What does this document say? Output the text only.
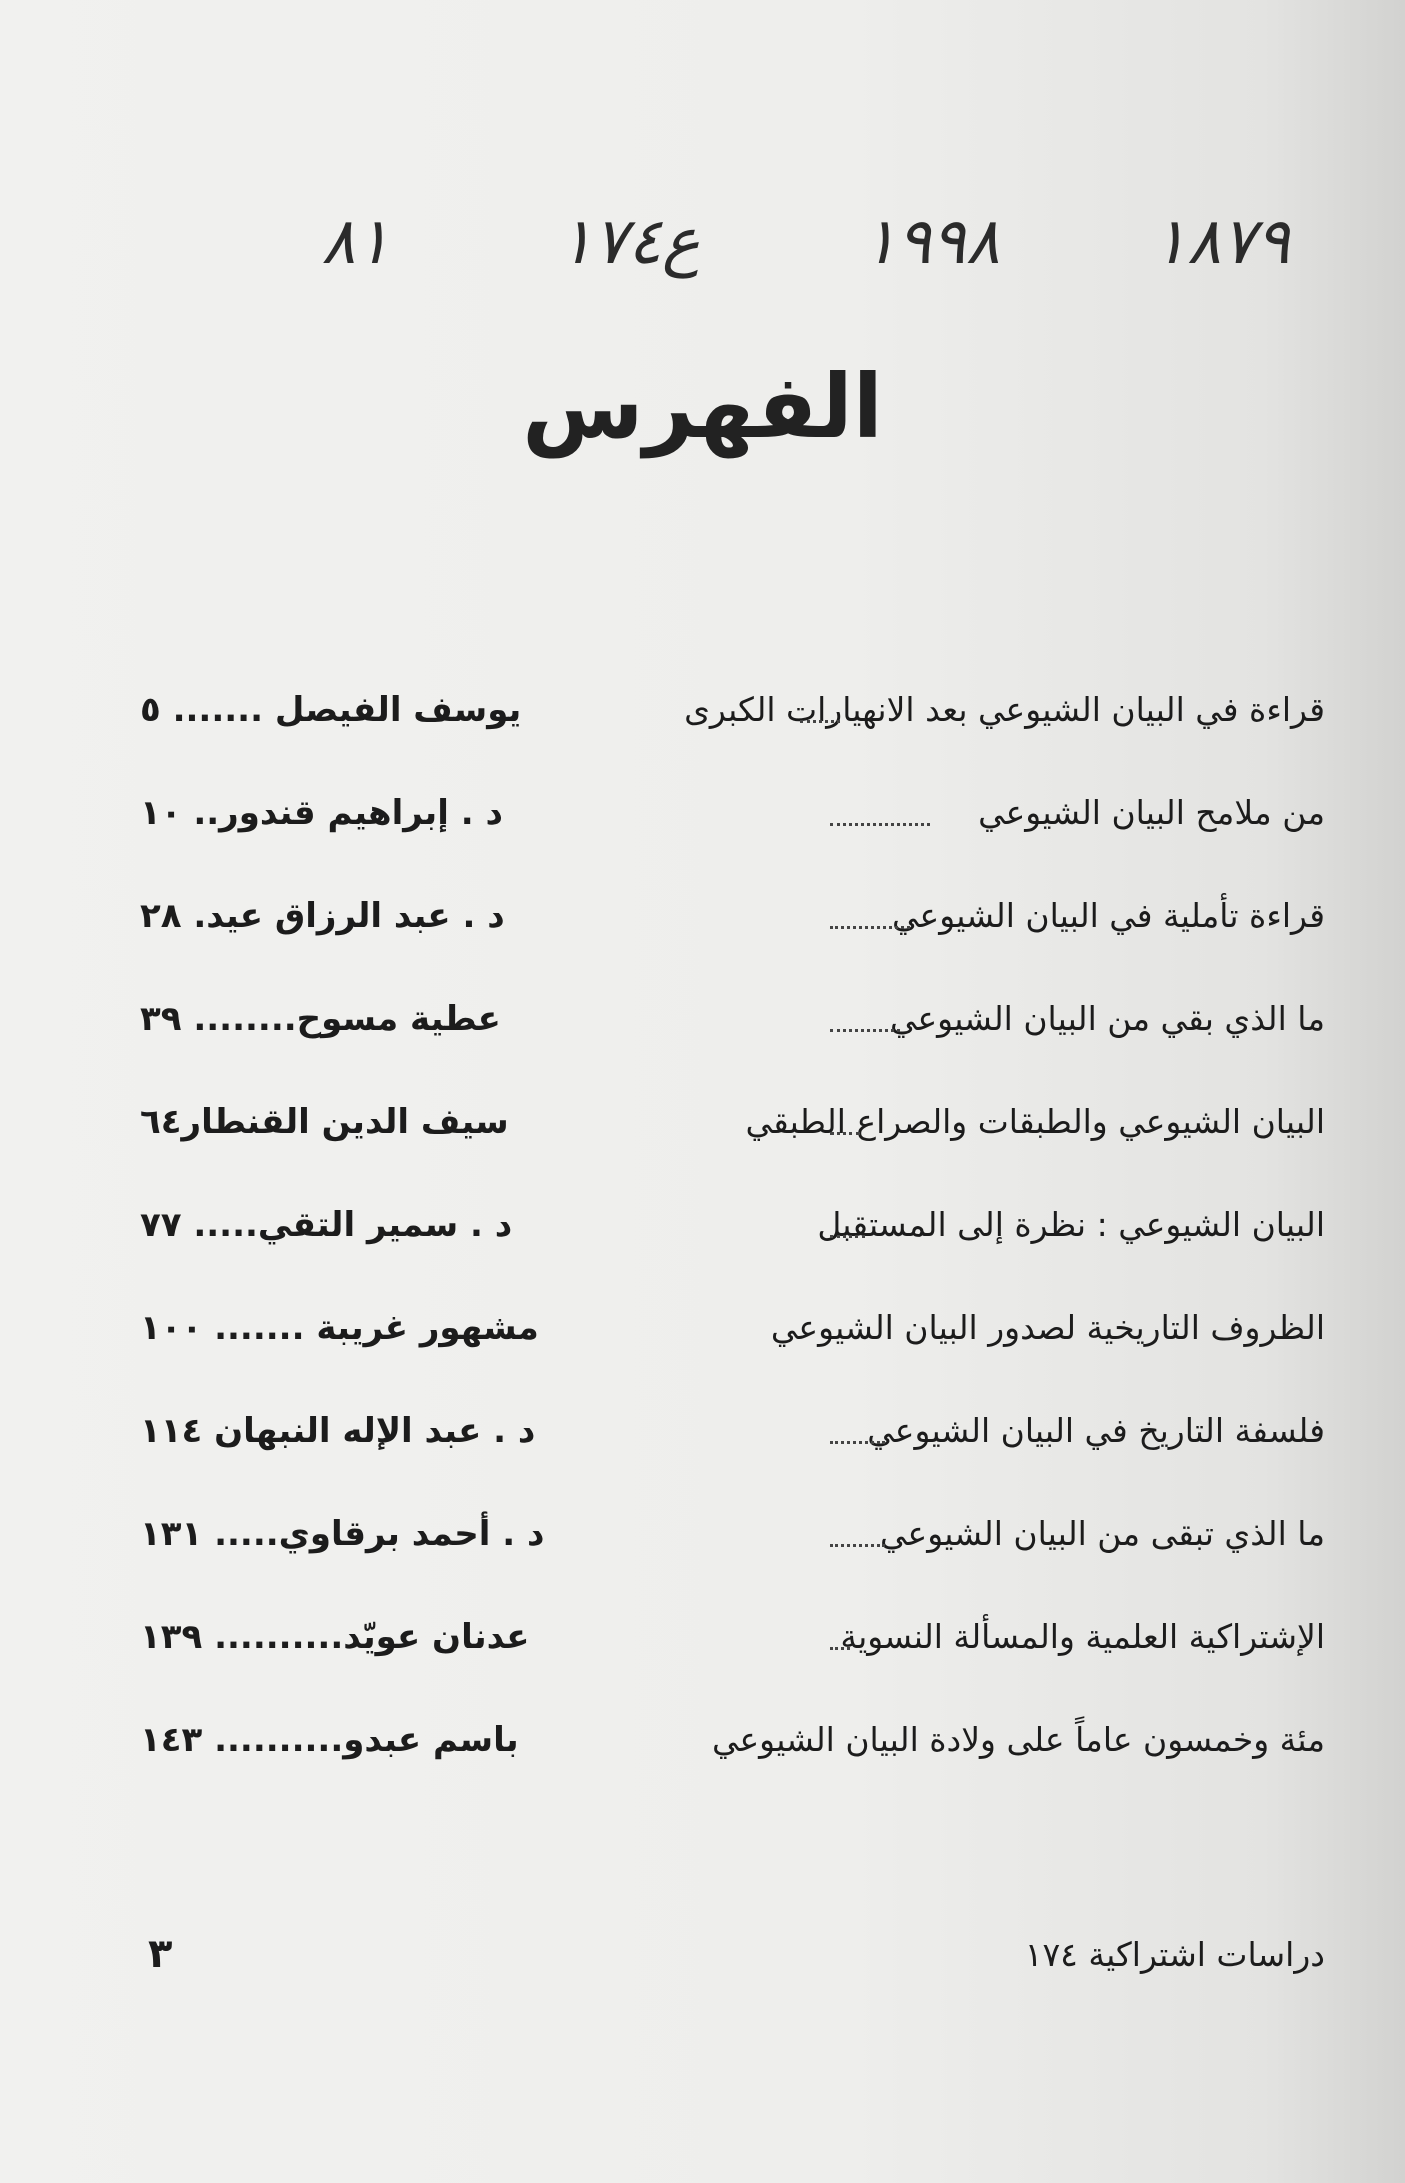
١٨٧٩
١٩٩٨
ع١٧٤
٨١
الفهرس
قراءة في البيان الشيوعي بعد الانهيارات الكبرى
يوسف الفيصل ....... ٥
من ملامح البيان الشيوعي
د . إبراهيم قندور.. ١٠
قراءة تأملية في البيان الشيوعي
د . عبد الرزاق عيد. ٢٨
ما الذي بقي من البيان الشيوعي
عطية مسوح........ ٣٩
البيان الشيوعي والطبقات والصراع الطبقي
سيف الدين القنطار٦٤
البيان الشيوعي : نظرة إلى المستقبل
د . سمير التقي..... ٧٧
الظروف التاريخية لصدور البيان الشيوعي
مشهور غريبة ....... ١٠٠
فلسفة التاريخ في البيان الشيوعي
د . عبد الإله النبهان ١١٤
ما الذي تبقى من البيان الشيوعي
د . أحمد برقاوي..... ١٣١
الإشتراكية العلمية والمسألة النسوية
عدنان عويّد.......... ١٣٩
مئة وخمسون عاماً على ولادة البيان الشيوعي
باسم عبدو.......... ١٤٣
دراسات اشتراكية ١٧٤
٣
